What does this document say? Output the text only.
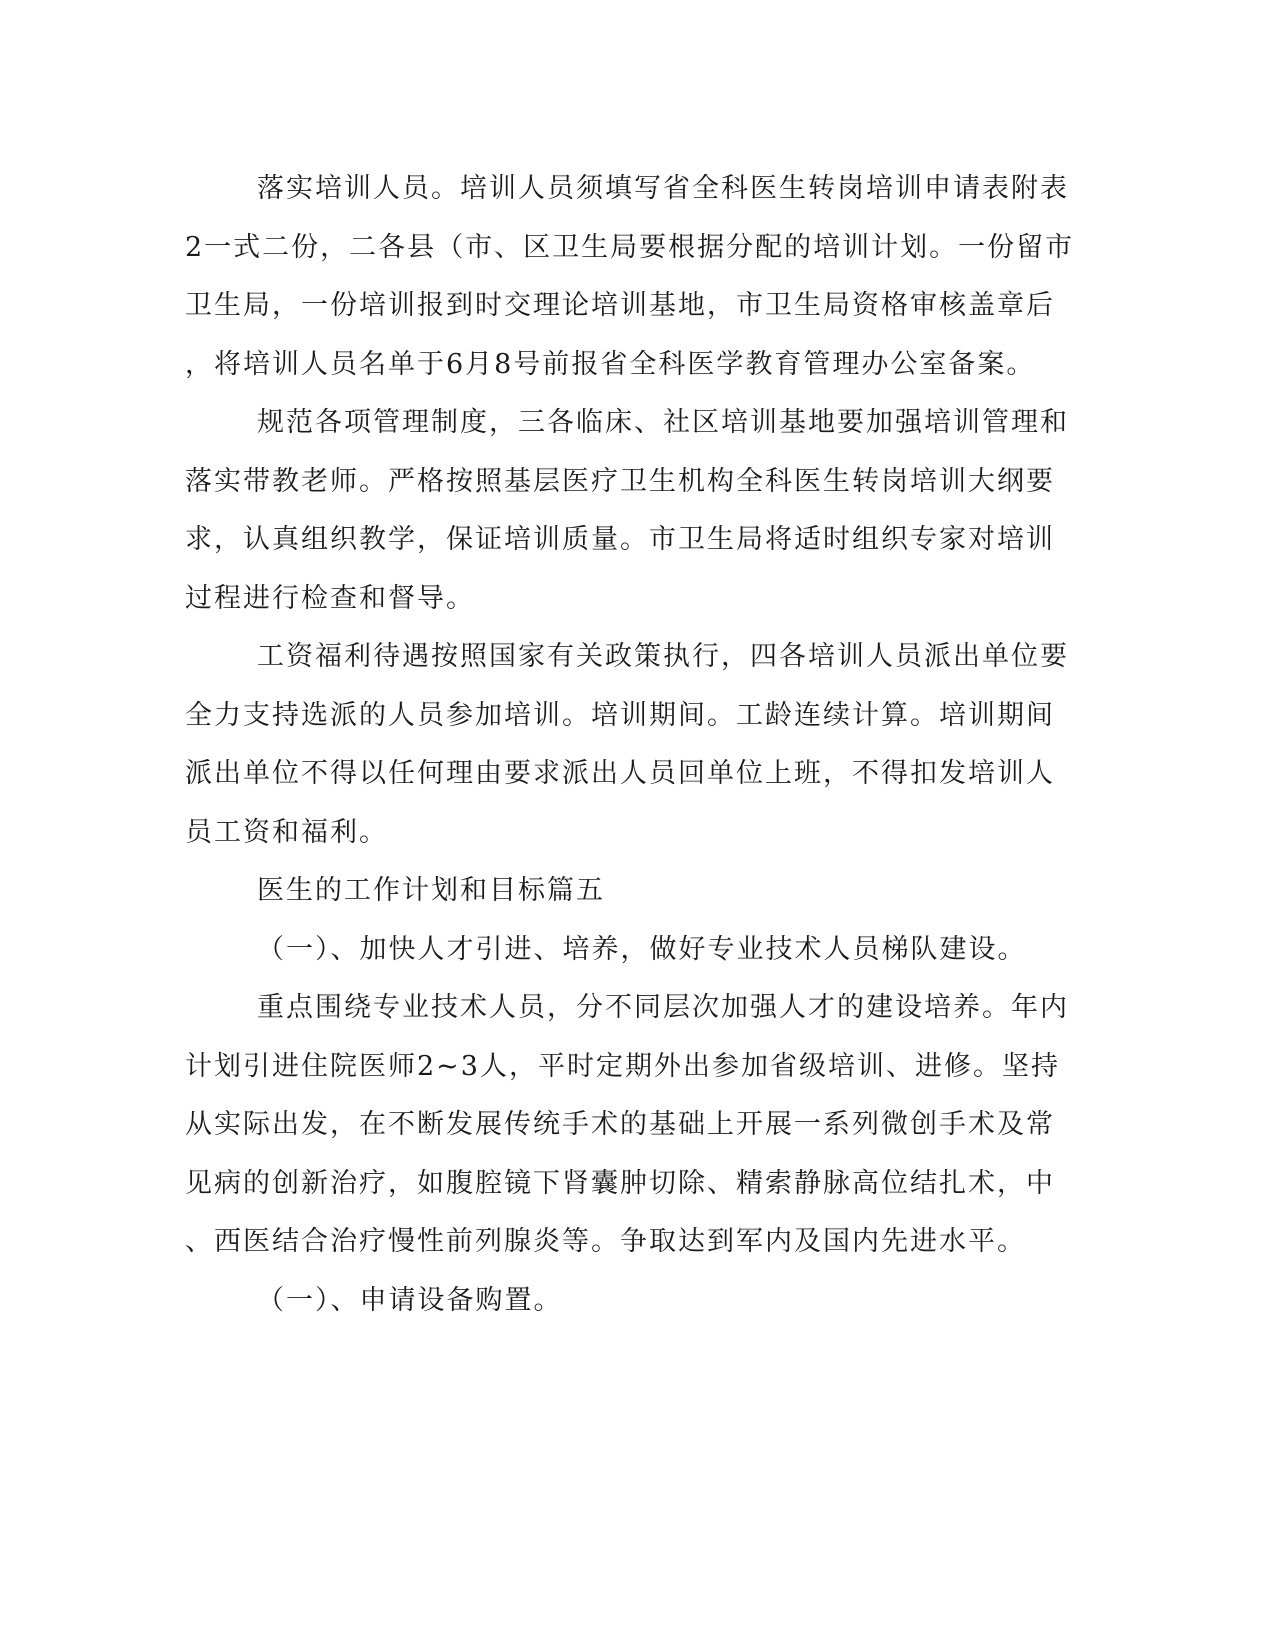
落实培训人员。培训人员须填写省全科医生转岗培训申请表附表
2一式二份，二各县（市、区卫生局要根据分配的培训计划。一份留市
卫生局，一份培训报到时交理论培训基地，市卫生局资格审核盖章后
，将培训人员名单于6月8号前报省全科医学教育管理办公室备案。
规范各项管理制度，三各临床、社区培训基地要加强培训管理和
落实带教老师。严格按照基层医疗卫生机构全科医生转岗培训大纲要
求，认真组织教学，保证培训质量。市卫生局将适时组织专家对培训
过程进行检查和督导。
工资福利待遇按照国家有关政策执行，四各培训人员派出单位要
全力支持选派的人员参加培训。培训期间。工龄连续计算。培训期间
派出单位不得以任何理由要求派出人员回单位上班，不得扣发培训人
员工资和福利。
医生的工作计划和目标篇五
（一）、加快人才引进、培养，做好专业技术人员梯队建设。
重点围绕专业技术人员，分不同层次加强人才的建设培养。年内
计划引进住院医师2~3人，平时定期外出参加省级培训、进修。坚持
从实际出发，在不断发展传统手术的基础上开展一系列微创手术及常
见病的创新治疗，如腹腔镜下肾囊肿切除、精索静脉高位结扎术，中
、西医结合治疗慢性前列腺炎等。争取达到军内及国内先进水平。
（一）、申请设备购置。
